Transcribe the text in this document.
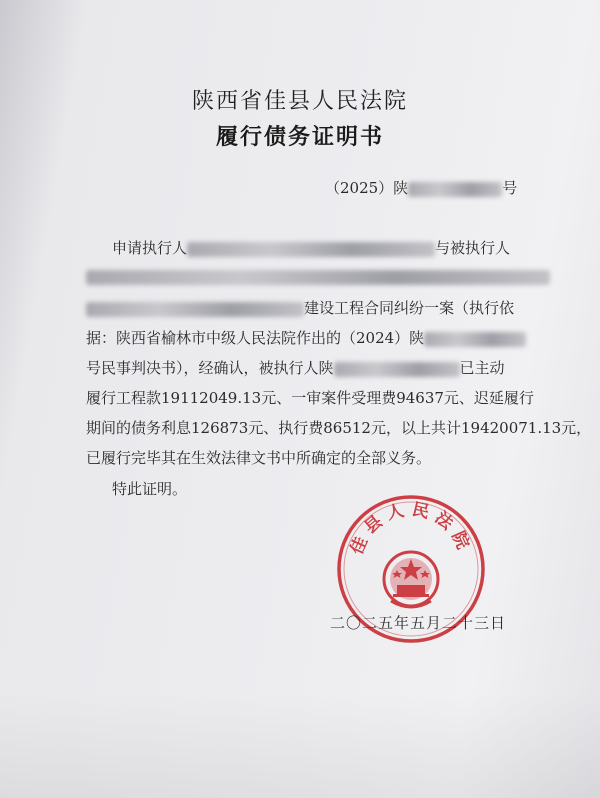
陕西省佳县人民法院
履行债务证明书
（2025）陕	号
申请执行人	与被执行人
建设工程合同纠纷一案（执行依
据：陕西省榆林市中级人民法院作出的（2024）陕
号民事判决书），经确认，被执行人陕	已主动
履行工程款19112049.13元、一审案件受理费94637元、迟延履行
期间的债务利息126873元、执行费86512元，以上共计19420071.13元，
已履行完毕其在生效法律文书中所确定的全部义务。
特此证明。
佳县人民法院
二〇二五年五月二十三日
